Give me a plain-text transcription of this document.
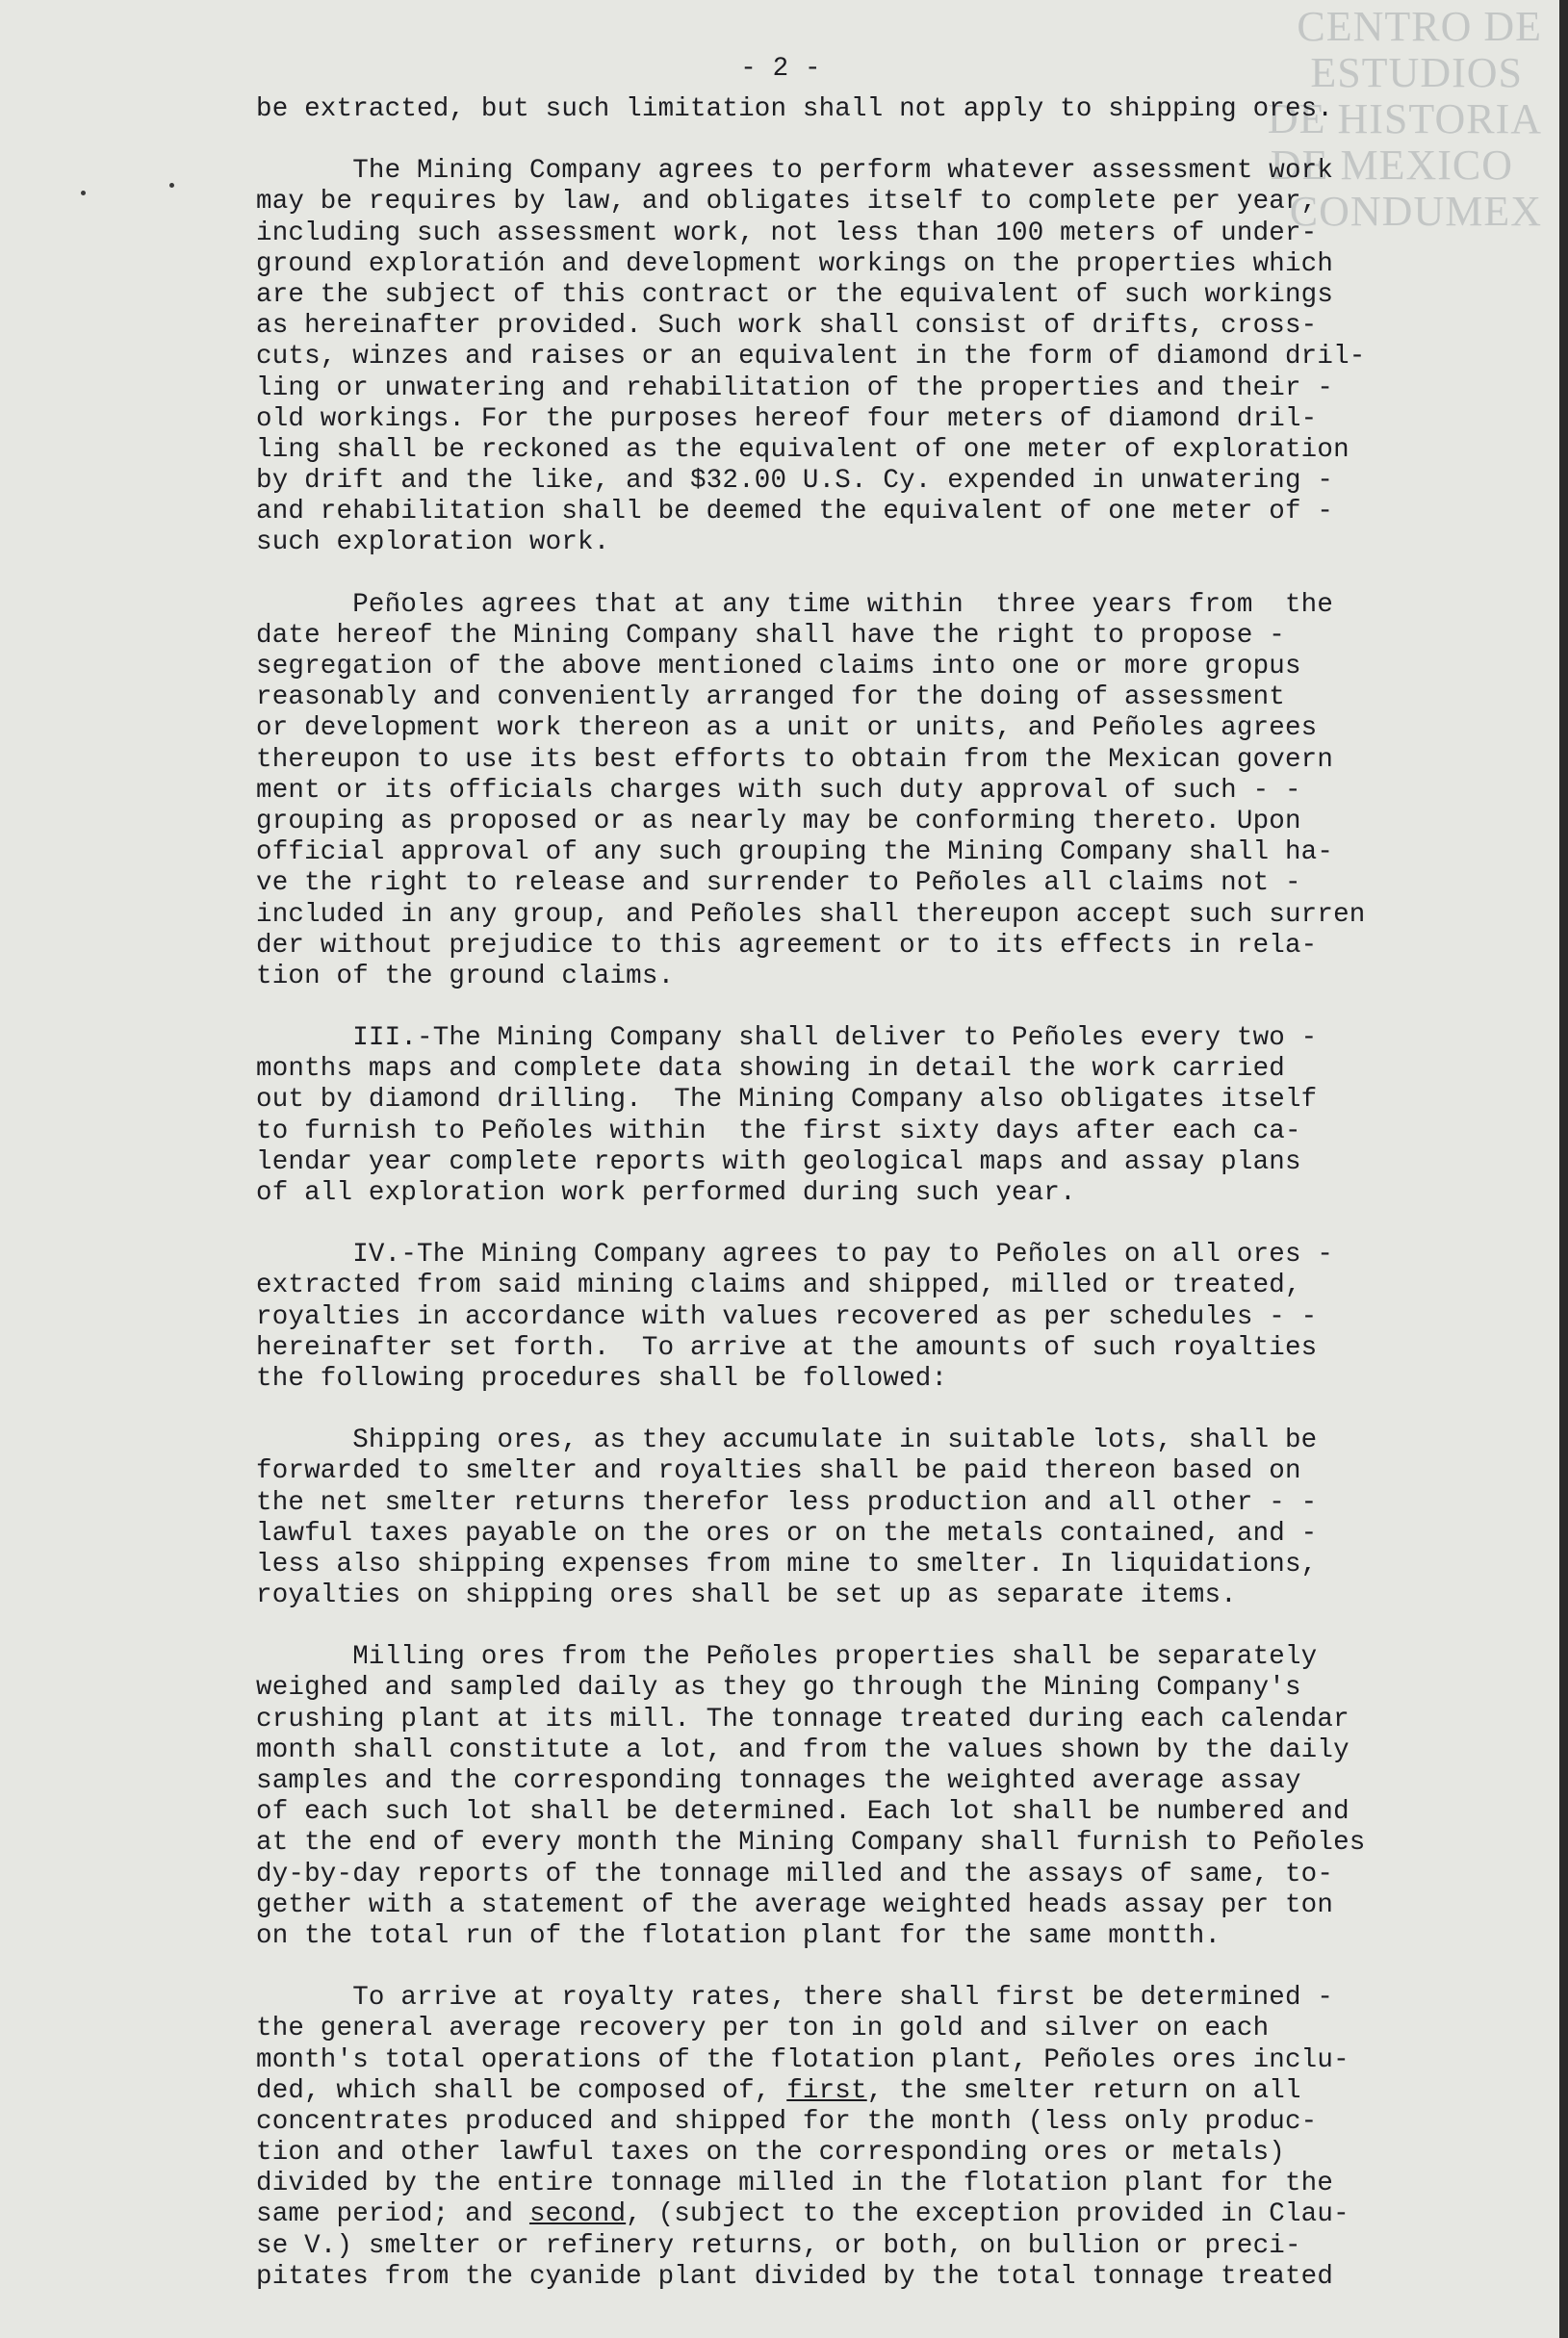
CENTRO DE
ESTUDIOS
DE HISTORIA
DE MEXICO
CONDUMEX
- 2 -
be extracted, but such limitation shall not apply to shipping ores.
The Mining Company agrees to perform whatever assessment work
may be requires by law, and obligates itself to complete per year,
including such assessment work, not less than 100 meters of under-
ground exploratión and development workings on the properties which
are the subject of this contract or the equivalent of such workings
as hereinafter provided. Such work shall consist of drifts, cross-
cuts, winzes and raises or an equivalent in the form of diamond dril-
ling or unwatering and rehabilitation of the properties and their -
old workings. For the purposes hereof four meters of diamond dril-
ling shall be reckoned as the equivalent of one meter of exploration
by drift and the like, and $32.00 U.S. Cy. expended in unwatering -
and rehabilitation shall be deemed the equivalent of one meter of -
such exploration work.
Peñoles agrees that at any time within  three years from  the
date hereof the Mining Company shall have the right to propose -
segregation of the above mentioned claims into one or more gropus
reasonably and conveniently arranged for the doing of assessment
or development work thereon as a unit or units, and Peñoles agrees
thereupon to use its best efforts to obtain from the Mexican govern
ment or its officials charges with such duty approval of such - -
grouping as proposed or as nearly may be conforming thereto. Upon
official approval of any such grouping the Mining Company shall ha-
ve the right to release and surrender to Peñoles all claims not -
included in any group, and Peñoles shall thereupon accept such surren
der without prejudice to this agreement or to its effects in rela-
tion of the ground claims.
III.-The Mining Company shall deliver to Peñoles every two -
months maps and complete data showing in detail the work carried
out by diamond drilling.  The Mining Company also obligates itself
to furnish to Peñoles within  the first sixty days after each ca-
lendar year complete reports with geological maps and assay plans
of all exploration work performed during such year.
IV.-The Mining Company agrees to pay to Peñoles on all ores -
extracted from said mining claims and shipped, milled or treated,
royalties in accordance with values recovered as per schedules - -
hereinafter set forth.  To arrive at the amounts of such royalties
the following procedures shall be followed:
Shipping ores, as they accumulate in suitable lots, shall be
forwarded to smelter and royalties shall be paid thereon based on
the net smelter returns therefor less production and all other - -
lawful taxes payable on the ores or on the metals contained, and -
less also shipping expenses from mine to smelter. In liquidations,
royalties on shipping ores shall be set up as separate items.
Milling ores from the Peñoles properties shall be separately
weighed and sampled daily as they go through the Mining Company's
crushing plant at its mill. The tonnage treated during each calendar
month shall constitute a lot, and from the values shown by the daily
samples and the corresponding tonnages the weighted average assay
of each such lot shall be determined. Each lot shall be numbered and
at the end of every month the Mining Company shall furnish to Peñoles
dy-by-day reports of the tonnage milled and the assays of same, to-
gether with a statement of the average weighted heads assay per ton
on the total run of the flotation plant for the same montth.
To arrive at royalty rates, there shall first be determined -
the general average recovery per ton in gold and silver on each
month's total operations of the flotation plant, Peñoles ores inclu-
ded, which shall be composed of, first, the smelter return on all
concentrates produced and shipped for the month (less only produc-
tion and other lawful taxes on the corresponding ores or metals)
divided by the entire tonnage milled in the flotation plant for the
same period; and second, (subject to the exception provided in Clau-
se V.) smelter or refinery returns, or both, on bullion or preci-
pitates from the cyanide plant divided by the total tonnage treated
